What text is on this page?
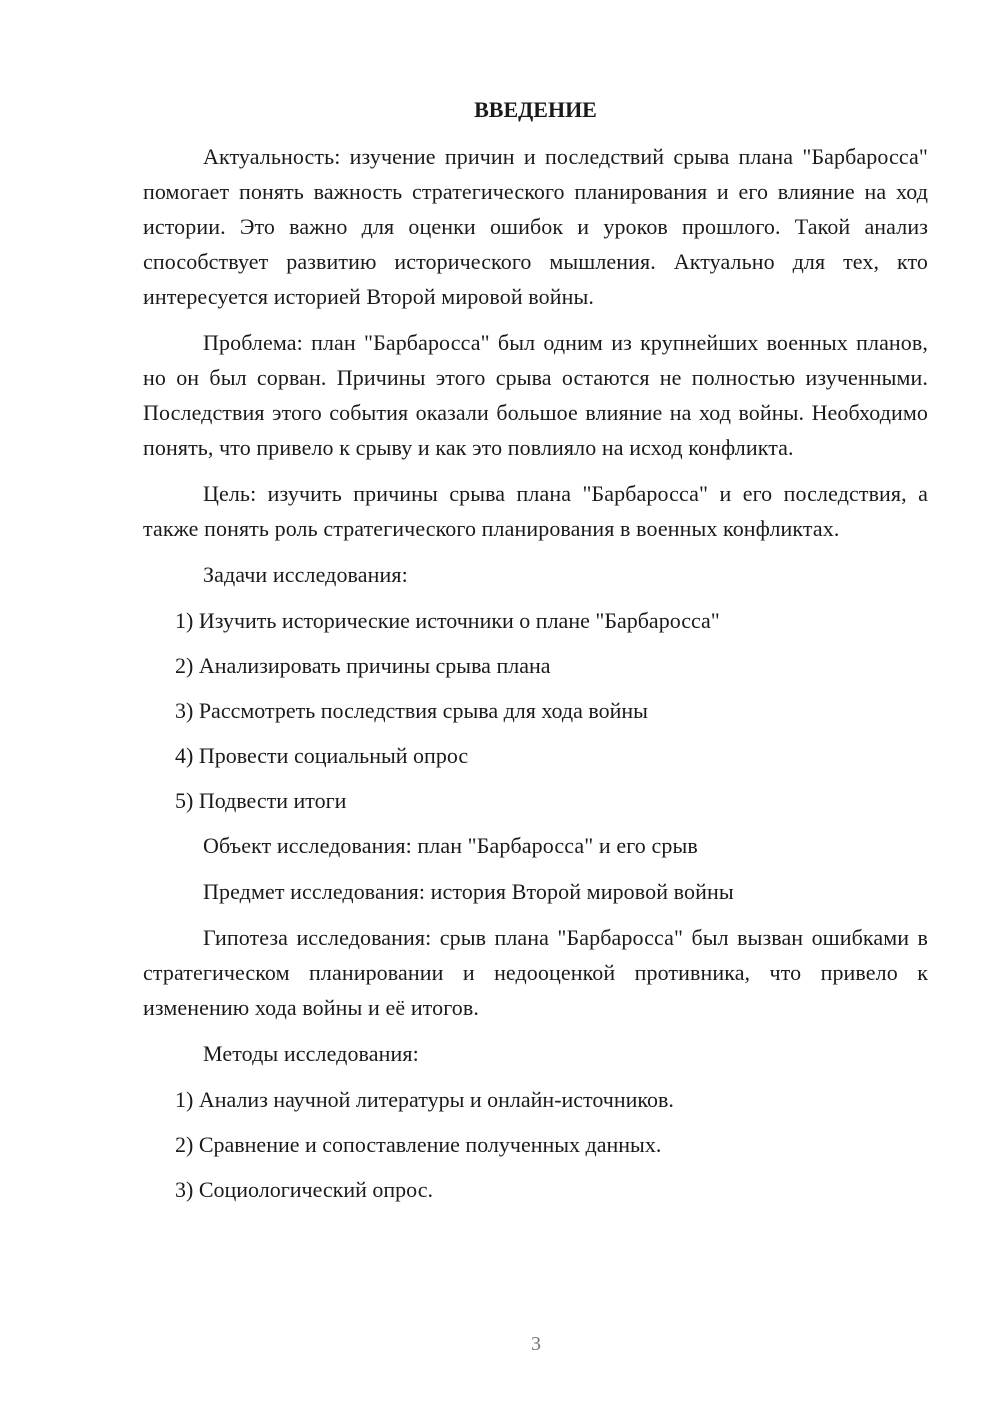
ВВЕДЕНИЕ

Актуальность: изучение причин и последствий срыва плана "Барбаросса" помогает понять важность стратегического планирования и его влияние на ход истории. Это важно для оценки ошибок и уроков прошлого. Такой анализ способствует развитию исторического мышления. Актуально для тех, кто интересуется историей Второй мировой войны.

Проблема: план "Барбаросса" был одним из крупнейших военных планов, но он был сорван. Причины этого срыва остаются не полностью изученными. Последствия этого события оказали большое влияние на ход войны. Необходимо понять, что привело к срыву и как это повлияло на исход конфликта.

Цель: изучить причины срыва плана "Барбаросса" и его последствия, а также понять роль стратегического планирования в военных конфликтах.

Задачи исследования:

1) Изучить исторические источники о плане "Барбаросса"
2) Анализировать причины срыва плана
3) Рассмотреть последствия срыва для хода войны
4) Провести социальный опрос
5) Подвести итоги

Объект исследования: план "Барбаросса" и его срыв

Предмет исследования: история Второй мировой войны

Гипотеза исследования: срыв плана "Барбаросса" был вызван ошибками в стратегическом планировании и недооценкой противника, что привело к изменению хода войны и её итогов.

Методы исследования:

1) Анализ научной литературы и онлайн-источников.
2) Сравнение и сопоставление полученных данных.
3) Социологический опрос.
3
